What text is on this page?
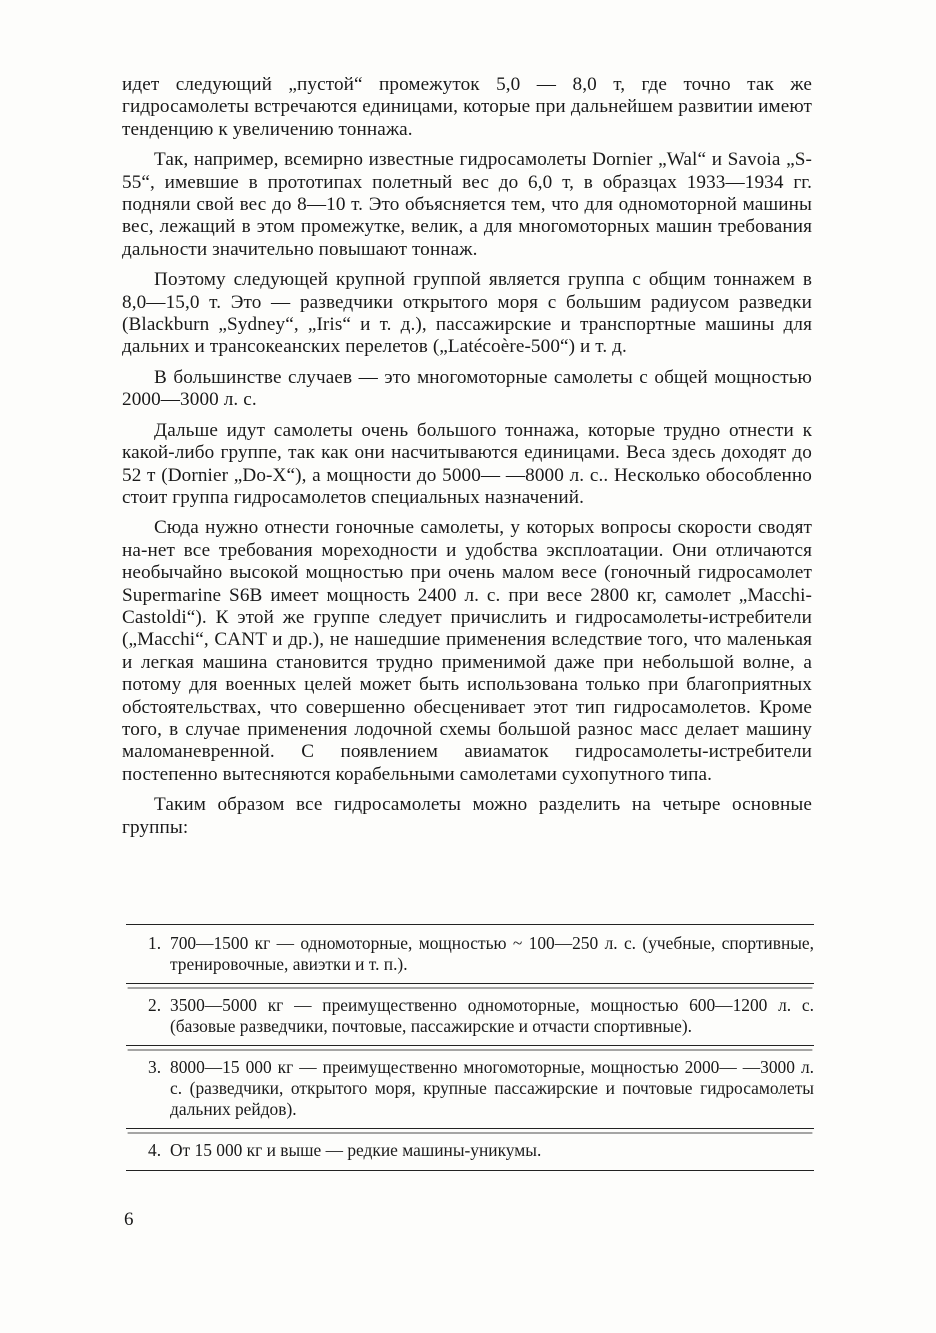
идет следующий „пустой“ промежуток 5,0 — 8,0 т, где точно так же гидросамолеты встречаются единицами, которые при дальнейшем развитии имеют тенденцию к увеличению тоннажа.

Так, например, всемирно известные гидросамолеты Dornier „Wal“ и Savoia „S-55“, имевшие в прототипах полетный вес до 6,0 т, в образцах 1933—1934 гг. подняли свой вес до 8—10 т. Это объясняется тем, что для одномоторной машины вес, лежащий в этом промежутке, велик, а для многомоторных машин требования дальности значительно повышают тоннаж.

Поэтому следующей крупной группой является группа с общим тоннажем в 8,0—15,0 т. Это — разведчики открытого моря с большим радиусом разведки (Blackburn „Sydney“, „Iris“ и т. д.), пассажирские и транспортные машины для дальних и трансокеанских перелетов („Latécoère-500“) и т. д.

В большинстве случаев — это многомоторные самолеты с общей мощностью 2000—3000 л. с.

Дальше идут самолеты очень большого тоннажа, которые трудно отнести к какой-либо группе, так как они насчитываются единицами. Веса здесь доходят до 52 т (Dornier „Do-X“), а мощности до 5000— —8000 л. с.. Несколько обособленно стоит группа гидросамолетов специальных назначений.

Сюда нужно отнести гоночные самолеты, у которых вопросы скорости сводят на-нет все требования мореходности и удобства эксплоатации. Они отличаются необычайно высокой мощностью при очень малом весе (гоночный гидросамолет Supermarine S6B имеет мощность 2400 л. с. при весе 2800 кг, самолет „Macchi-Castoldi“). К этой же группе следует причислить и гидросамолеты-истребители („Macchi“, CANT и др.), не нашедшие применения вследствие того, что маленькая и легкая машина становится трудно применимой даже при небольшой волне, а потому для военных целей может быть использована только при благоприятных обстоятельствах, что совершенно обесценивает этот тип гидросамолетов. Кроме того, в случае применения лодочной схемы большой разнос масс делает машину маломаневренной. С появлением авиаматок гидросамолеты-истребители постепенно вытесняются корабельными самолетами сухопутного типа.

Таким образом все гидросамолеты можно разделить на четыре основные группы:

1. 700—1500 кг — одномоторные, мощностью ~ 100—250 л. с. (учебные, спортивные, тренировочные, авиэтки и т. п.).
2. 3500—5000 кг — преимущественно одномоторные, мощностью 600—1200 л. с. (базовые разведчики, почтовые, пассажирские и отчасти спортивные).
3. 8000—15 000 кг — преимущественно многомоторные, мощностью 2000— —3000 л. с. (разведчики, открытого моря, крупные пассажирские и почтовые гидросамолеты дальних рейдов).
4. От 15 000 кг и выше — редкие машины-уникумы.
6
